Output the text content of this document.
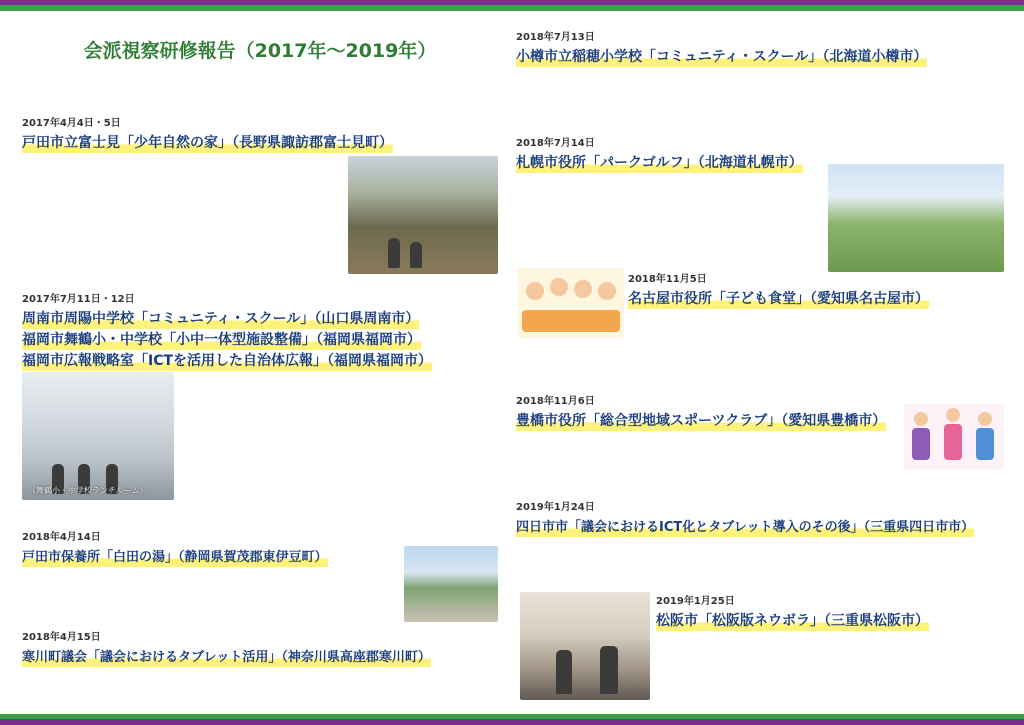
会派視察研修報告（2017年〜2019年）

2017年4月4日・5日

戸田市立富士見「少年自然の家」（長野県諏訪郡富士見町）

2017年7月11日・12日

周南市周陽中学校「コミュニティ・スクール」（山口県周南市）

福岡市舞鶴小・中学校「小中一体型施設整備」（福岡県福岡市）

福岡市広報戦略室「ICTを活用した自治体広報」（福岡県福岡市）

（舞鶴小・中学校ランチルーム）

2018年4月14日

戸田市保養所「白田の湯」（静岡県賀茂郡東伊豆町）

2018年4月15日

寒川町議会「議会におけるタブレット活用」（神奈川県高座郡寒川町）

2018年7月13日

小樽市立稲穂小学校「コミュニティ・スクール」（北海道小樽市）

2018年7月14日

札幌市役所「パークゴルフ」（北海道札幌市）

2018年11月5日

名古屋市役所「子ども食堂」（愛知県名古屋市）

2018年11月6日

豊橋市役所「総合型地域スポーツクラブ」（愛知県豊橋市）

2019年1月24日

四日市市「議会におけるICT化とタブレット導入のその後」（三重県四日市市）

2019年1月25日

松阪市「松阪版ネウボラ」（三重県松阪市）
